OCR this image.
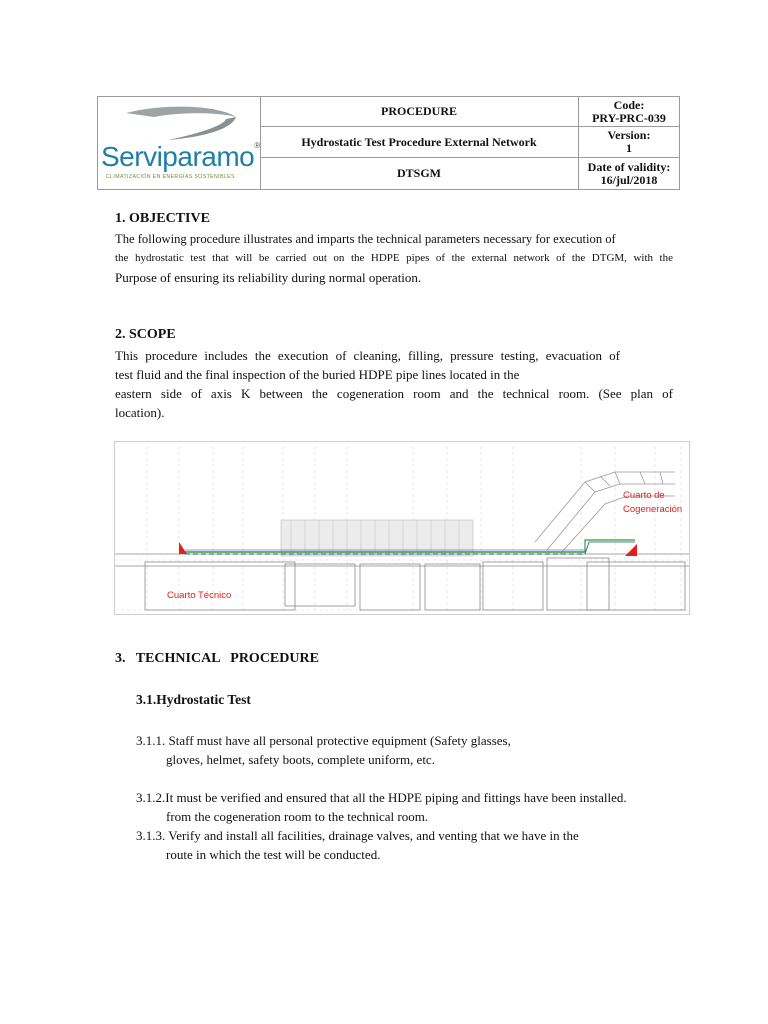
Serviparamo®
CLIMATIZACIÓN EN ENERGÍAS SOSTENIBLES
PROCEDURE
Hydrostatic Test Procedure External Network
DTSGM
Code:
PRY-PRC-039
Version:
1
Date of validity:
16/jul/2018
1. OBJECTIVE
The following procedure illustrates and imparts the technical parameters necessary for execution of
the hydrostatic test that will be carried out on the HDPE pipes of the external network of the DTGM, with the
Purpose of ensuring its reliability during normal operation.
2. SCOPE
This procedure includes the execution of cleaning, filling, pressure testing, evacuation of
test fluid and the final inspection of the buried HDPE pipe lines located in the
eastern side of axis K between the cogeneration room and the technical room. (See plan of
location).
Cuarto Técnico
Cuarto de
Cogeneración
3.   TECHNICAL   PROCEDURE
3.1.Hydrostatic Test
3.1.1. Staff must have all personal protective equipment (Safety glasses,
gloves, helmet, safety boots, complete uniform, etc.
3.1.2.It must be verified and ensured that all the HDPE piping and fittings have been installed.
from the cogeneration room to the technical room.
3.1.3. Verify and install all facilities, drainage valves, and venting that we have in the
route in which the test will be conducted.
